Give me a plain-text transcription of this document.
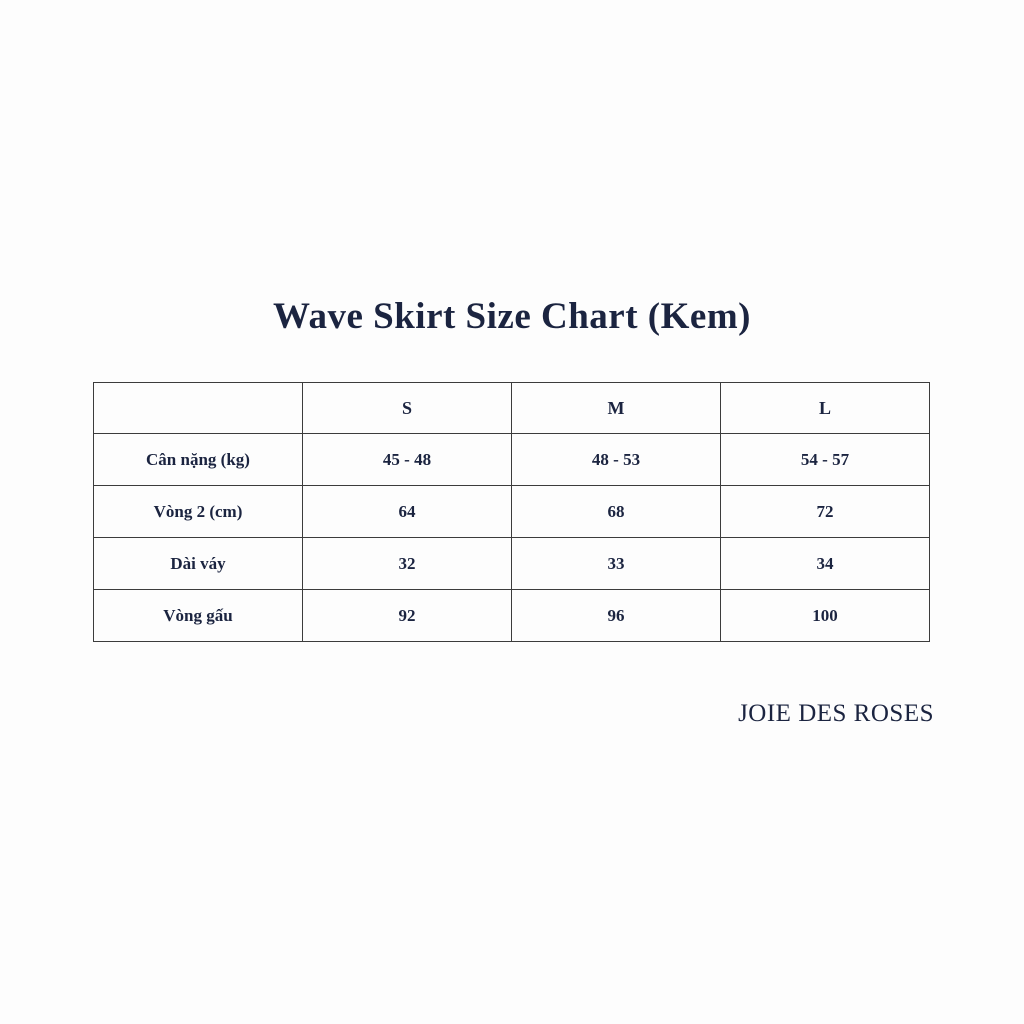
Wave Skirt Size Chart (Kem)
	S	M	L
Cân nặng (kg)	45 - 48	48 - 53	54 - 57
Vòng 2 (cm)	64	68	72
Dài váy	32	33	34
Vòng gấu	92	96	100
JOIE DES ROSES
